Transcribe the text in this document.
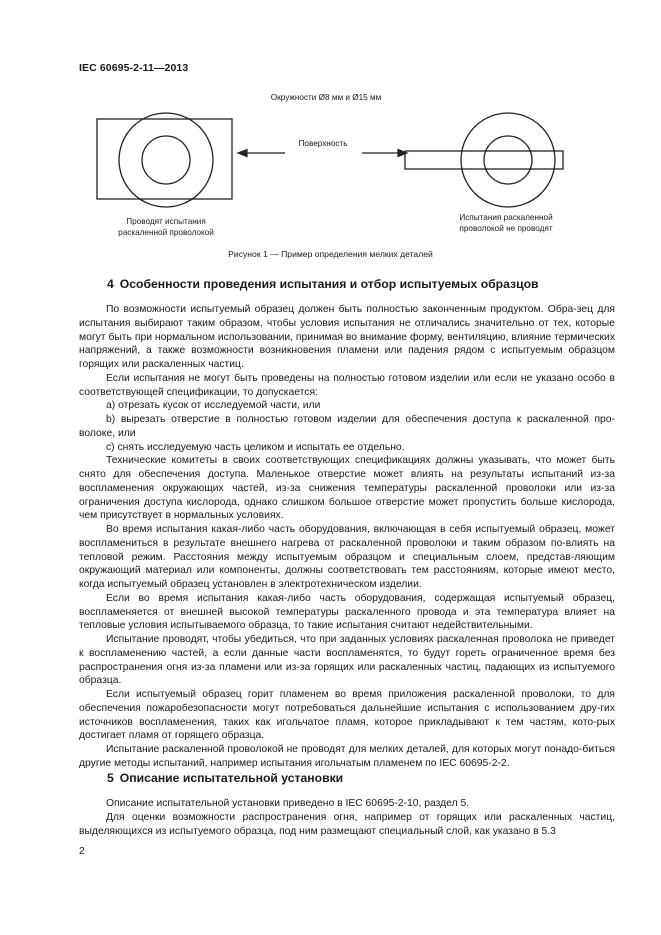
IEC 60695-2-11—2013
Окружности Ø8 мм и Ø15 мм
Поверхность
Проводят испытания
раскаленной проволокой
Испытания раскаленной
проволокой не проводят
Рисунок 1 — Пример определения мелких деталей
4 Особенности проведения испытания и отбор испытуемых образцов

По возможности испытуемый образец должен быть полностью законченным продуктом. Обра-зец для испытания выбирают таким образом, чтобы условия испытания не отличались значительно от тех, которые могут быть при нормальном использовании, принимая во внимание форму, вентиляцию, влияние термических напряжений, а также возможности возникновения пламени или падения рядом с испытуемым образцом горящих или раскаленных частиц.

Если испытания не могут быть проведены на полностью готовом изделии или если не указано особо в соответствующей спецификации, то допускается:

a) отрезать кусок от исследуемой части, или

b) вырезать отверстие в полностью готовом изделии для обеспечения доступа к раскаленной про-волоке, или

c) снять исследуемую часть целиком и испытать ее отдельно.

Технические комитеты в своих соответствующих спецификациях должны указывать, что может быть снято для обеспечения доступа. Маленькое отверстие может влиять на результаты испытаний из-за воспламенения окружающих частей, из-за снижения температуры раскаленной проволоки или из-за ограничения доступа кислорода, однако слишком большое отверстие может пропустить больше кислорода, чем присутствует в нормальных условиях.

Во время испытания какая-либо часть оборудования, включающая в себя испытуемый образец, может воспламениться в результате внешнего нагрева от раскаленной проволоки и таким образом по-влиять на тепловой режим. Расстояния между испытуемым образцом и специальным слоем, представ-ляющим окружающий материал или компоненты, должны соответствовать тем расстояниям, которые имеют место, когда испытуемый образец установлен в электротехническом изделии.

Если во время испытания какая-либо часть оборудования, содержащая испытуемый образец, воспламеняется от внешней высокой температуры раскаленного провода и эта температура влияет на тепловые условия испытываемого образца, то такие испытания считают недействительными.

Испытание проводят, чтобы убедиться, что при заданных условиях раскаленная проволока не приведет к воспламенению частей, а если данные части воспламенятся, то будут гореть ограниченное время без распространения огня из-за пламени или из-за горящих или раскаленных частиц, падающих из испытуемого образца.

Если испытуемый образец горит пламенем во время приложения раскаленной проволоки, то для обеспечения пожаробезопасности могут потребоваться дальнейшие испытания с использованием дру-гих источников воспламенения, таких как игольчатое пламя, которое прикладывают к тем частям, кото-рых достигает пламя от горящего образца.

Испытание раскаленной проволокой не проводят для мелких деталей, для которых могут понадо-биться другие методы испытаний, например испытания игольчатым пламенем по IEC 60695-2-2.

5 Описание испытательной установки

Описание испытательной установки приведено в IEC 60695-2-10, раздел 5.

Для оценки возможности распространения огня, например от горящих или раскаленных частиц, выделяющихся из испытуемого образца, под ним размещают специальный слой, как указано в 5.3

2
